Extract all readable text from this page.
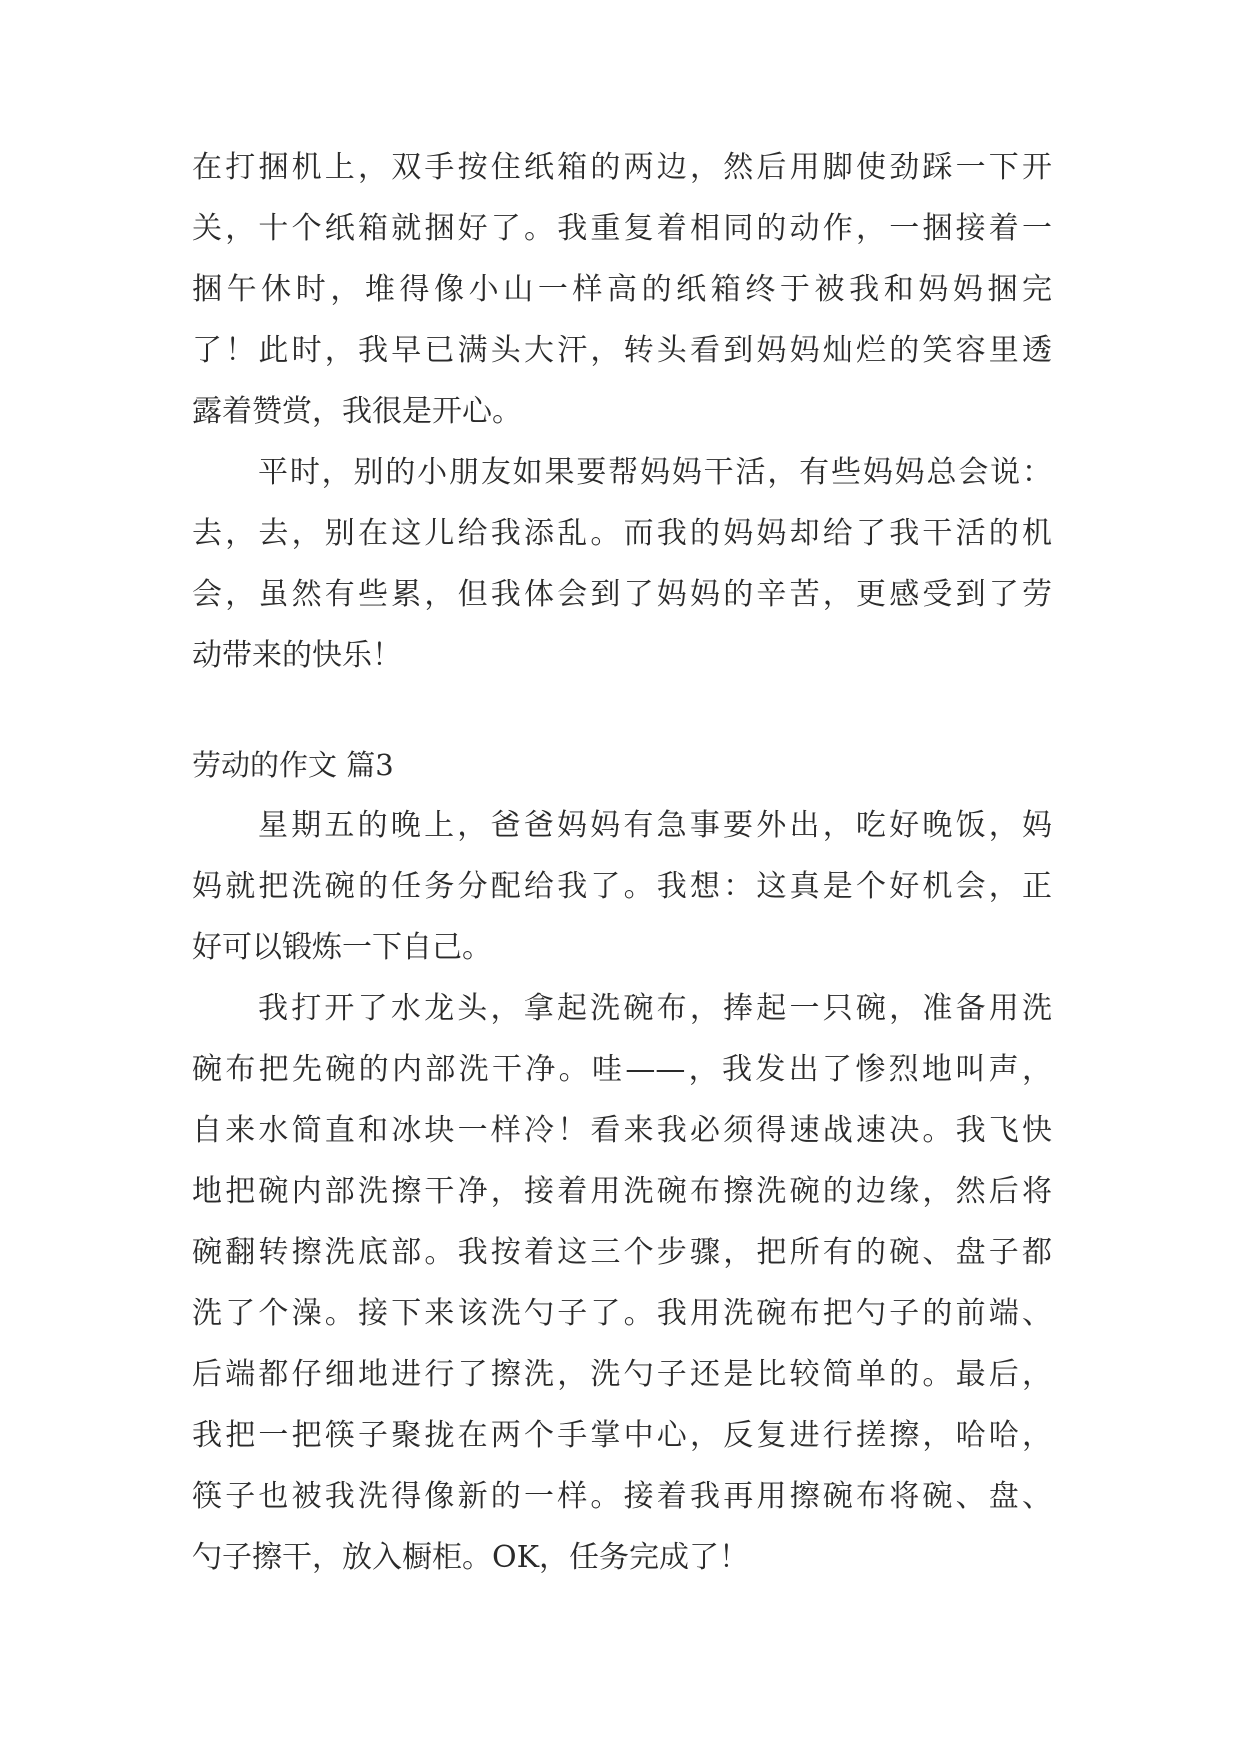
在打捆机上，双手按住纸箱的两边，然后用脚使劲踩一下开
关，十个纸箱就捆好了。我重复着相同的动作，一捆接着一
捆午休时，堆得像小山一样高的纸箱终于被我和妈妈捆完
了！此时，我早已满头大汗，转头看到妈妈灿烂的笑容里透
露着赞赏，我很是开心。
平时，别的小朋友如果要帮妈妈干活，有些妈妈总会说：
去，去，别在这儿给我添乱。而我的妈妈却给了我干活的机
会，虽然有些累，但我体会到了妈妈的辛苦，更感受到了劳
动带来的快乐！
劳动的作文 篇3
星期五的晚上，爸爸妈妈有急事要外出，吃好晚饭，妈
妈就把洗碗的任务分配给我了。我想：这真是个好机会，正
好可以锻炼一下自己。
我打开了水龙头，拿起洗碗布，捧起一只碗，准备用洗
碗布把先碗的内部洗干净。哇——，我发出了惨烈地叫声，
自来水简直和冰块一样冷！看来我必须得速战速决。我飞快
地把碗内部洗擦干净，接着用洗碗布擦洗碗的边缘，然后将
碗翻转擦洗底部。我按着这三个步骤，把所有的碗、盘子都
洗了个澡。接下来该洗勺子了。我用洗碗布把勺子的前端、
后端都仔细地进行了擦洗，洗勺子还是比较简单的。最后，
我把一把筷子聚拢在两个手掌中心，反复进行搓擦，哈哈，
筷子也被我洗得像新的一样。接着我再用擦碗布将碗、盘、
勺子擦干，放入橱柜。OK，任务完成了！
